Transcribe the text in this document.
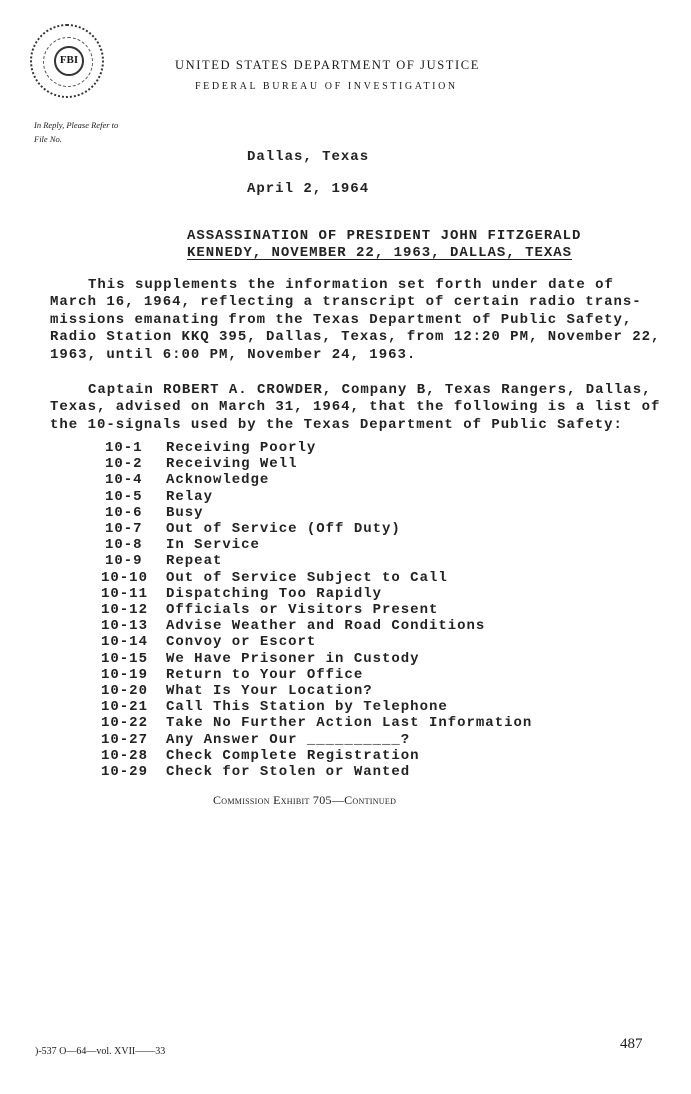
FBI	UNITED STATES DEPARTMENT OF JUSTICE
FEDERAL BUREAU OF INVESTIGATION
In Reply, Please Refer to
File No.
Dallas, Texas
April 2, 1964
ASSASSINATION OF PRESIDENT JOHN FITZGERALD
KENNEDY, NOVEMBER 22, 1963, DALLAS, TEXAS
This supplements the information set forth under date of
March 16, 1964, reflecting a transcript of certain radio trans-
missions emanating from the Texas Department of Public Safety,
Radio Station KKQ 395, Dallas, Texas, from 12:20 PM, November 22,
1963, until 6:00 PM, November 24, 1963.
Captain ROBERT A. CROWDER, Company B, Texas Rangers, Dallas,
Texas, advised on March 31, 1964, that the following is a list of
the 10-signals used by the Texas Department of Public Safety:
10-1 Receiving Poorly
10-2 Receiving Well
10-4 Acknowledge
10-5 Relay
10-6 Busy
10-7 Out of Service (Off Duty)
10-8 In Service
10-9 Repeat
10-10 Out of Service Subject to Call
10-11 Dispatching Too Rapidly
10-12 Officials or Visitors Present
10-13 Advise Weather and Road Conditions
10-14 Convoy or Escort
10-15 We Have Prisoner in Custody
10-19 Return to Your Office
10-20 What Is Your Location?
10-21 Call This Station by Telephone
10-22 Take No Further Action Last Information
10-27 Any Answer Our __________?
10-28 Check Complete Registration
10-29 Check for Stolen or Wanted
Commission Exhibit 705—Continued
)-537 O—64—vol. XVII——33	487
